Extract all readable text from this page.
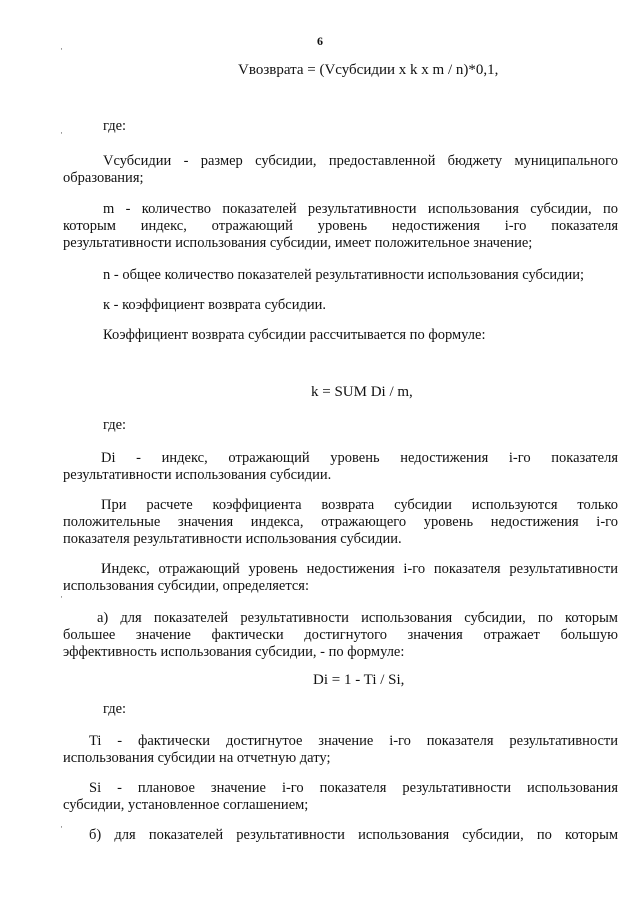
6
Vвозврата = (Vсубсидии x k x m / n)*0,1,
где:
Vсубсидии - размер субсидии, предоставленной бюджету муниципального
образования;
m - количество показателей результативности использования субсидии, по
которым индекс, отражающий уровень недостижения i-го показателя
результативности использования субсидии, имеет положительное значение;
n - общее количество показателей результативности использования субсидии;
к - коэффициент возврата субсидии.
Коэффициент возврата субсидии рассчитывается по формуле:
k = SUM Di / m,
где:
Di - индекс, отражающий уровень недостижения i-го показателя
результативности использования субсидии.
При расчете коэффициента возврата субсидии используются только
положительные значения индекса, отражающего уровень недостижения i-го
показателя результативности использования субсидии.
Индекс, отражающий уровень недостижения i-го показателя результативности
использования субсидии, определяется:
а) для показателей результативности использования субсидии, по которым
большее значение фактически достигнутого значения отражает большую
эффективность использования субсидии, - по формуле:
Di = 1 - Ti / Si,
где:
Ti - фактически достигнутое значение i-го показателя результативности
использования субсидии на отчетную дату;
Si - плановое значение i-го показателя результативности использования
субсидии, установленное соглашением;
б) для показателей результативности использования субсидии, по которым
·
·
·
·
